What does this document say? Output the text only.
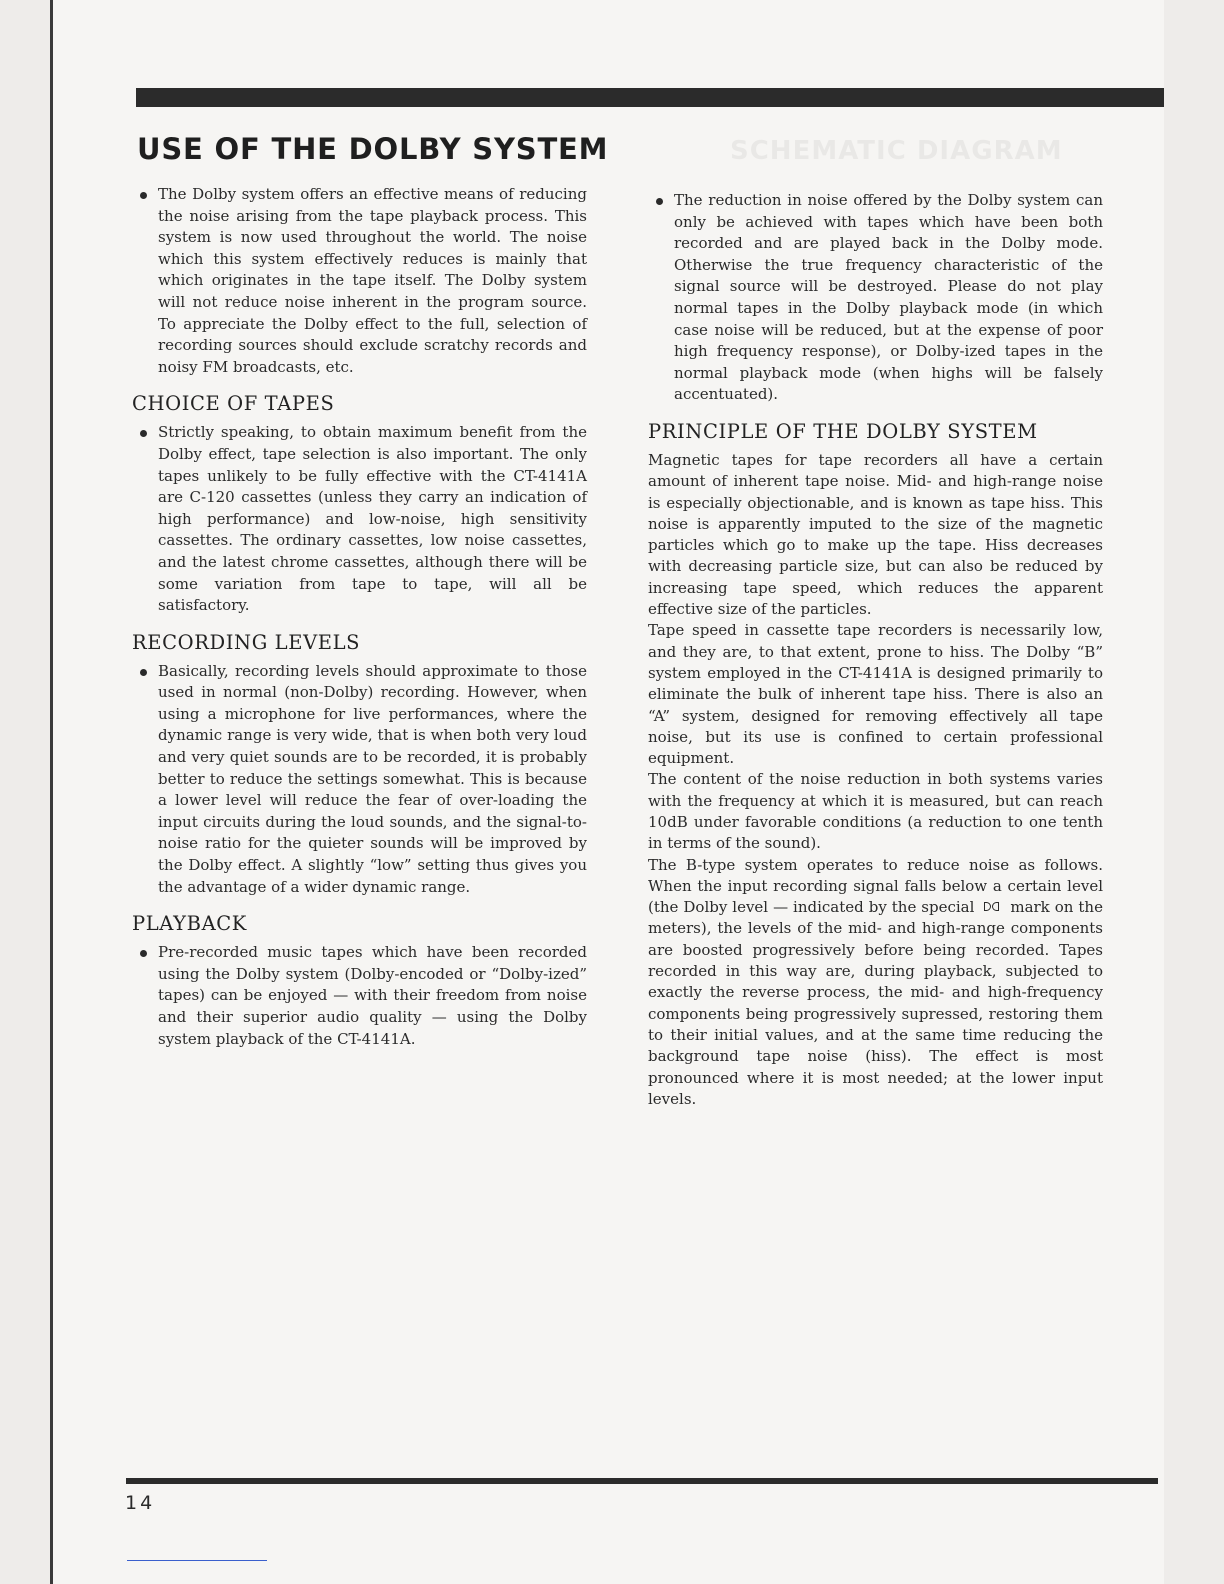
SCHEMATIC DIAGRAM
USE OF THE DOLBY SYSTEM

The Dolby system offers an effective means of reducing the noise arising from the tape playback process. This system is now used throughout the world. The noise which this system effectively reduces is mainly that which originates in the tape itself. The Dolby system will not reduce noise inherent in the program source. To appreciate the Dolby effect to the full, selection of recording sources should exclude scratchy records and noisy FM broadcasts, etc.

CHOICE OF TAPES

Strictly speaking, to obtain maximum benefit from the Dolby effect, tape selection is also important. The only tapes unlikely to be fully effective with the CT-4141A are C-120 cassettes (unless they carry an indication of high performance) and low-noise, high sensitivity cassettes. The ordinary cassettes, low noise cassettes, and the latest chrome cassettes, although there will be some variation from tape to tape, will all be satisfactory.

RECORDING LEVELS

Basically, recording levels should approximate to those used in normal (non-Dolby) recording. However, when using a microphone for live performances, where the dynamic range is very wide, that is when both very loud and very quiet sounds are to be recorded, it is probably better to reduce the settings somewhat. This is because a lower level will reduce the fear of over-loading the input circuits during the loud sounds, and the signal-to-noise ratio for the quieter sounds will be improved by the Dolby effect. A slightly “low” setting thus gives you the advantage of a wider dynamic range.

PLAYBACK

Pre-recorded music tapes which have been recorded using the Dolby system (Dolby-encoded or “Dolby-ized” tapes) can be enjoyed — with their freedom from noise and their superior audio quality — using the Dolby system playback of the CT-4141A.

The reduction in noise offered by the Dolby system can only be achieved with tapes which have been both recorded and are played back in the Dolby mode. Otherwise the true frequency characteristic of the signal source will be destroyed. Please do not play normal tapes in the Dolby playback mode (in which case noise will be reduced, but at the expense of poor high frequency response), or Dolby-ized tapes in the normal playback mode (when highs will be falsely accentuated).

PRINCIPLE OF THE DOLBY SYSTEM

Magnetic tapes for tape recorders all have a certain amount of inherent tape noise. Mid- and high-range noise is especially objectionable, and is known as tape hiss. This noise is apparently imputed to the size of the magnetic particles which go to make up the tape. Hiss decreases with decreasing particle size, but can also be reduced by increasing tape speed, which reduces the apparent effective size of the particles.

Tape speed in cassette tape recorders is necessarily low, and they are, to that extent, prone to hiss. The Dolby “B” system employed in the CT-4141A is designed primarily to eliminate the bulk of inherent tape hiss. There is also an “A” system, designed for removing effectively all tape noise, but its use is confined to certain professional equipment.

The content of the noise reduction in both systems varies with the frequency at which it is measured, but can reach 10dB under favorable conditions (a reduction to one tenth in terms of the sound).

The B-type system operates to reduce noise as follows. When the input recording signal falls below a certain level (the Dolby level — indicated by the special mark on the meters), the levels of the mid- and high-range components are boosted progressively before being recorded. Tapes recorded in this way are, during playback, subjected to exactly the reverse process, the mid- and high-frequency components being progressively supressed, restoring them to their initial values, and at the same time reducing the background tape noise (hiss). The effect is most pronounced where it is most needed; at the lower input levels.

14
